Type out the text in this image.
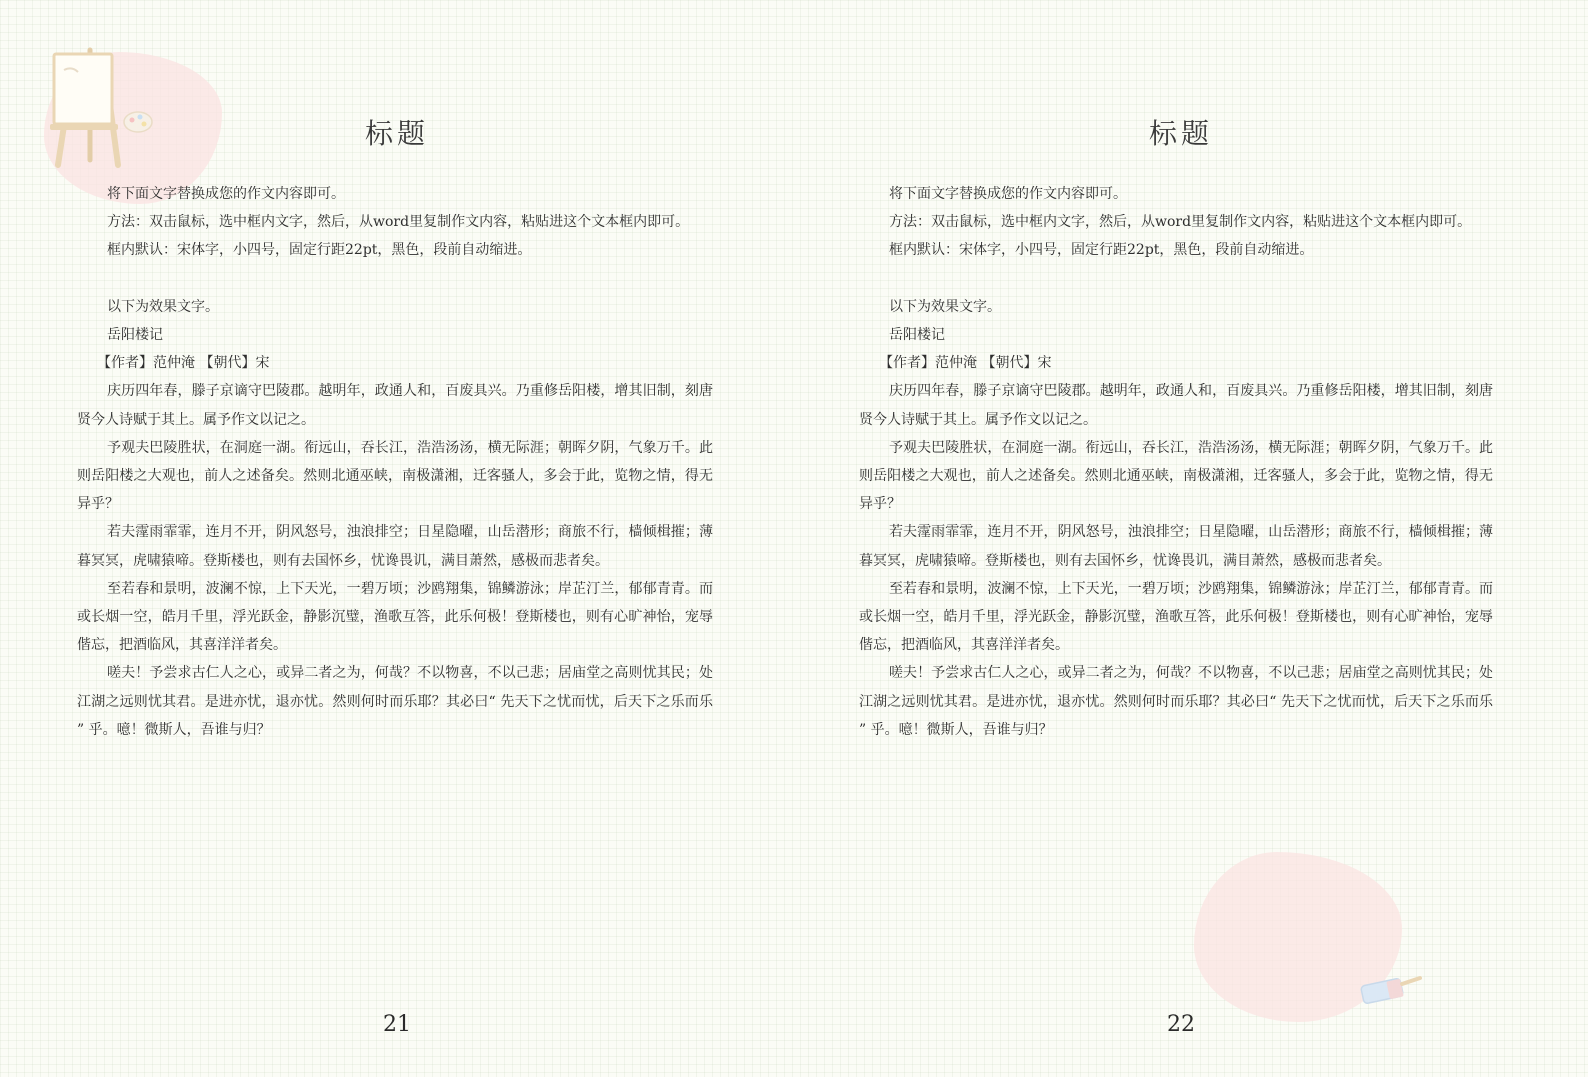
标题

将下面文字替换成您的作文内容即可。

方法：双击鼠标，选中框内文字，然后，从word里复制作文内容，粘贴进这个文本框内即可。

框内默认：宋体字，小四号，固定行距22pt，黑色，段前自动缩进。

以下为效果文字。

岳阳楼记

【作者】范仲淹 【朝代】宋

庆历四年春，滕子京谪守巴陵郡。越明年，政通人和，百废具兴。乃重修岳阳楼，增其旧制，刻唐贤今人诗赋于其上。属予作文以记之。

予观夫巴陵胜状，在洞庭一湖。衔远山，吞长江，浩浩汤汤，横无际涯；朝晖夕阴，气象万千。此则岳阳楼之大观也，前人之述备矣。然则北通巫峡，南极潇湘，迁客骚人，多会于此，览物之情，得无异乎？

若夫霪雨霏霏，连月不开，阴风怒号，浊浪排空；日星隐曜，山岳潜形；商旅不行，樯倾楫摧；薄暮冥冥，虎啸猿啼。登斯楼也，则有去国怀乡，忧谗畏讥，满目萧然，感极而悲者矣。

至若春和景明，波澜不惊，上下天光，一碧万顷；沙鸥翔集，锦鳞游泳；岸芷汀兰，郁郁青青。而或长烟一空，皓月千里，浮光跃金，静影沉璧，渔歌互答，此乐何极！登斯楼也，则有心旷神怡，宠辱偕忘，把酒临风，其喜洋洋者矣。

嗟夫！予尝求古仁人之心，或异二者之为，何哉？不以物喜，不以己悲；居庙堂之高则忧其民；处江湖之远则忧其君。是进亦忧，退亦忧。然则何时而乐耶？其必曰“ 先天下之忧而忧，后天下之乐而乐 ” 乎。噫！微斯人，吾谁与归？

21
标题

将下面文字替换成您的作文内容即可。

方法：双击鼠标，选中框内文字，然后，从word里复制作文内容，粘贴进这个文本框内即可。

框内默认：宋体字，小四号，固定行距22pt，黑色，段前自动缩进。

以下为效果文字。

岳阳楼记

【作者】范仲淹 【朝代】宋

庆历四年春，滕子京谪守巴陵郡。越明年，政通人和，百废具兴。乃重修岳阳楼，增其旧制，刻唐贤今人诗赋于其上。属予作文以记之。

予观夫巴陵胜状，在洞庭一湖。衔远山，吞长江，浩浩汤汤，横无际涯；朝晖夕阴，气象万千。此则岳阳楼之大观也，前人之述备矣。然则北通巫峡，南极潇湘，迁客骚人，多会于此，览物之情，得无异乎？

若夫霪雨霏霏，连月不开，阴风怒号，浊浪排空；日星隐曜，山岳潜形；商旅不行，樯倾楫摧；薄暮冥冥，虎啸猿啼。登斯楼也，则有去国怀乡，忧谗畏讥，满目萧然，感极而悲者矣。

至若春和景明，波澜不惊，上下天光，一碧万顷；沙鸥翔集，锦鳞游泳；岸芷汀兰，郁郁青青。而或长烟一空，皓月千里，浮光跃金，静影沉璧，渔歌互答，此乐何极！登斯楼也，则有心旷神怡，宠辱偕忘，把酒临风，其喜洋洋者矣。

嗟夫！予尝求古仁人之心，或异二者之为，何哉？不以物喜，不以己悲；居庙堂之高则忧其民；处江湖之远则忧其君。是进亦忧，退亦忧。然则何时而乐耶？其必曰“ 先天下之忧而忧，后天下之乐而乐 ” 乎。噫！微斯人，吾谁与归？

22
